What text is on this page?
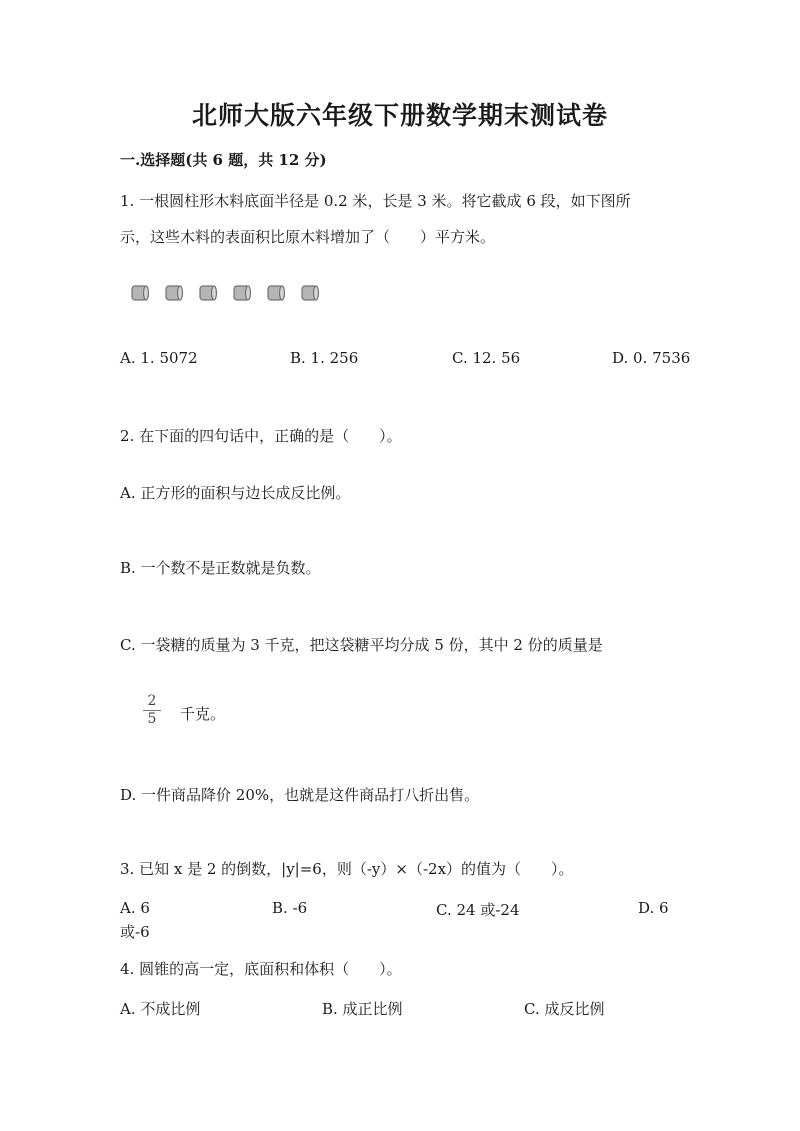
北师大版六年级下册数学期末测试卷
一.选择题(共 6 题，共 12 分)
1. 一根圆柱形木料底面半径是 0.2 米，长是 3 米。将它截成 6 段，如下图所
示，这些木料的表面积比原木料增加了（　　）平方米。
A. 1. 5072	B. 1. 256	C. 12. 56	D. 0. 7536
2. 在下面的四句话中，正确的是（　　）。
A. 正方形的面积与边长成反比例。
B. 一个数不是正数就是负数。
C. 一袋糖的质量为 3 千克，把这袋糖平均分成 5 份，其中 2 份的质量是
2
5	千克。
D. 一件商品降价 20%，也就是这件商品打八折出售。
3. 已知 x 是 2 的倒数，|y|=6，则（-y）×（-2x）的值为（　　）。
A. 6	B. -6	C. 24 或-24	D. 6
或-6
4. 圆锥的高一定，底面积和体积（　　）。
A. 不成比例	B. 成正比例	C. 成反比例
